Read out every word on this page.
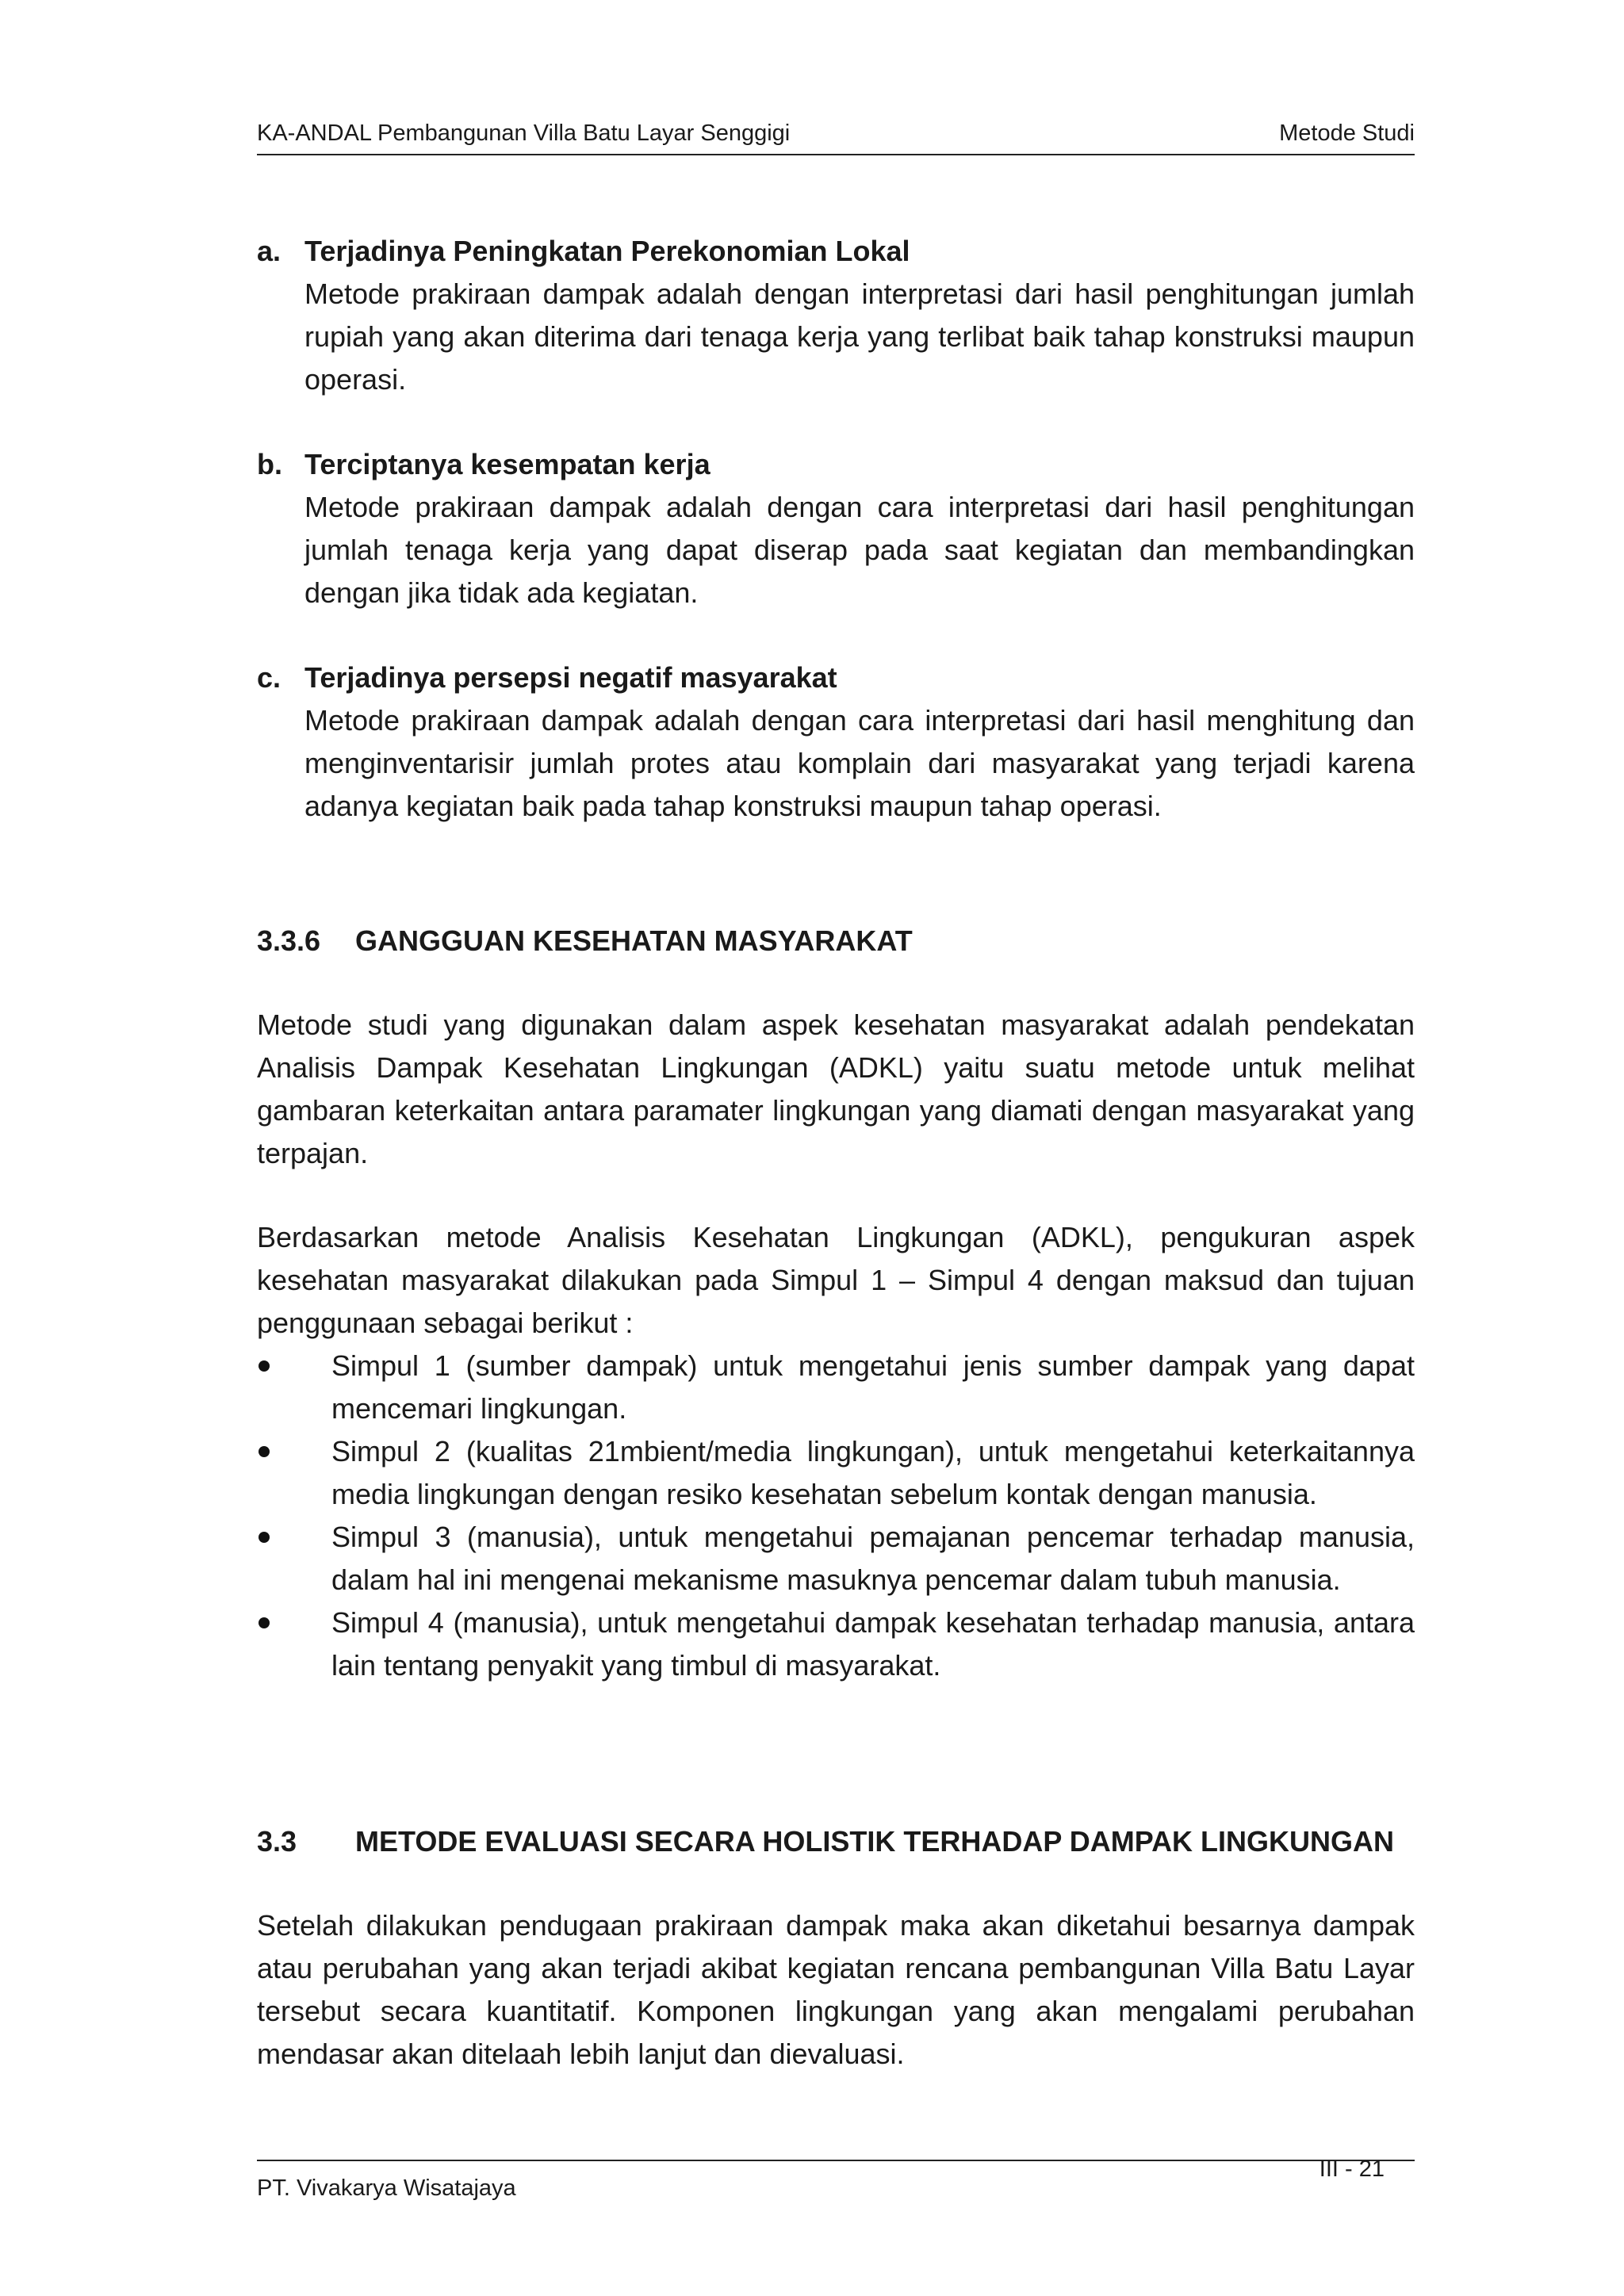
KA-ANDAL Pembangunan Villa Batu Layar Senggigi	Metode Studi
a. Terjadinya Peningkatan Perekonomian Lokal
Metode prakiraan dampak adalah dengan interpretasi dari hasil penghitungan jumlah rupiah yang akan diterima dari tenaga kerja yang terlibat baik tahap konstruksi maupun operasi.
b. Terciptanya kesempatan kerja
Metode prakiraan dampak adalah dengan cara interpretasi dari hasil penghitungan jumlah tenaga kerja yang dapat diserap pada saat kegiatan dan membandingkan dengan jika tidak ada kegiatan.
c. Terjadinya persepsi negatif masyarakat
Metode prakiraan dampak adalah dengan cara interpretasi dari hasil menghitung dan menginventarisir jumlah protes atau komplain dari masyarakat yang terjadi karena adanya kegiatan baik pada tahap konstruksi maupun tahap operasi.
3.3.6 GANGGUAN KESEHATAN MASYARAKAT

Metode studi yang digunakan dalam aspek kesehatan masyarakat adalah pendekatan Analisis Dampak Kesehatan Lingkungan (ADKL) yaitu suatu metode untuk melihat gambaran keterkaitan antara paramater lingkungan yang diamati dengan masyarakat yang terpajan.

Berdasarkan metode Analisis Kesehatan Lingkungan (ADKL), pengukuran aspek kesehatan masyarakat dilakukan pada Simpul 1 – Simpul 4 dengan maksud dan tujuan penggunaan sebagai berikut :

Simpul 1 (sumber dampak) untuk mengetahui jenis sumber dampak yang dapat mencemari lingkungan.
Simpul 2 (kualitas 21mbient/media lingkungan), untuk mengetahui keterkaitannya media lingkungan dengan resiko kesehatan sebelum kontak dengan manusia.
Simpul 3 (manusia), untuk mengetahui pemajanan pencemar terhadap manusia, dalam hal ini mengenai mekanisme masuknya pencemar dalam tubuh manusia.
Simpul 4 (manusia), untuk mengetahui dampak kesehatan terhadap manusia, antara lain tentang penyakit yang timbul di masyarakat.
3.3 METODE EVALUASI SECARA HOLISTIK TERHADAP DAMPAK LINGKUNGAN

Setelah dilakukan pendugaan prakiraan dampak maka akan diketahui besarnya dampak atau perubahan yang akan terjadi akibat kegiatan rencana pembangunan Villa Batu Layar tersebut secara kuantitatif. Komponen lingkungan yang akan mengalami perubahan mendasar akan ditelaah lebih lanjut dan dievaluasi.

PT. Vivakarya Wisatajaya
III - 21
